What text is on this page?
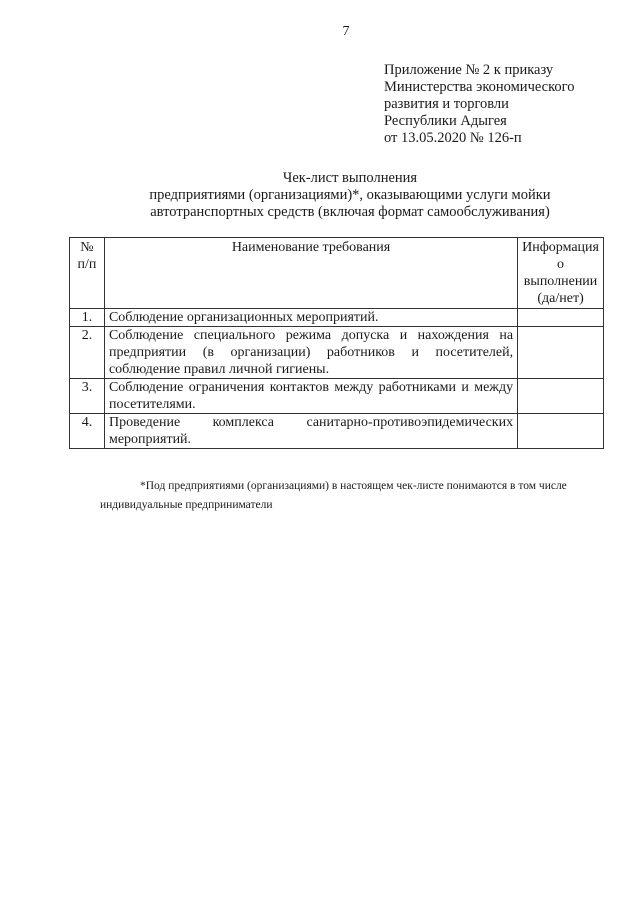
7
Приложение № 2 к приказу
Министерства экономического
развития и торговли
Республики Адыгея
от 13.05.2020 № 126-п
Чек-лист выполнения
предприятиями (организациями)*, оказывающими услуги мойки
автотранспортных средств (включая формат самообслуживания)
№ п/п	Наименование требования	Информация о выполнении (да/нет)
1.	Соблюдение организационных мероприятий.	
2.	Соблюдение специального режима допуска и нахождения на предприятии (в организации) работников и посетителей, соблюдение правил личной гигиены.	
3.	Соблюдение ограничения контактов между работниками и между посетителями.	
4.	Проведение комплекса санитарно-противоэпидемических мероприятий.	
*Под предприятиями (организациями) в настоящем чек-листе понимаются в том числе индивидуальные предприниматели
